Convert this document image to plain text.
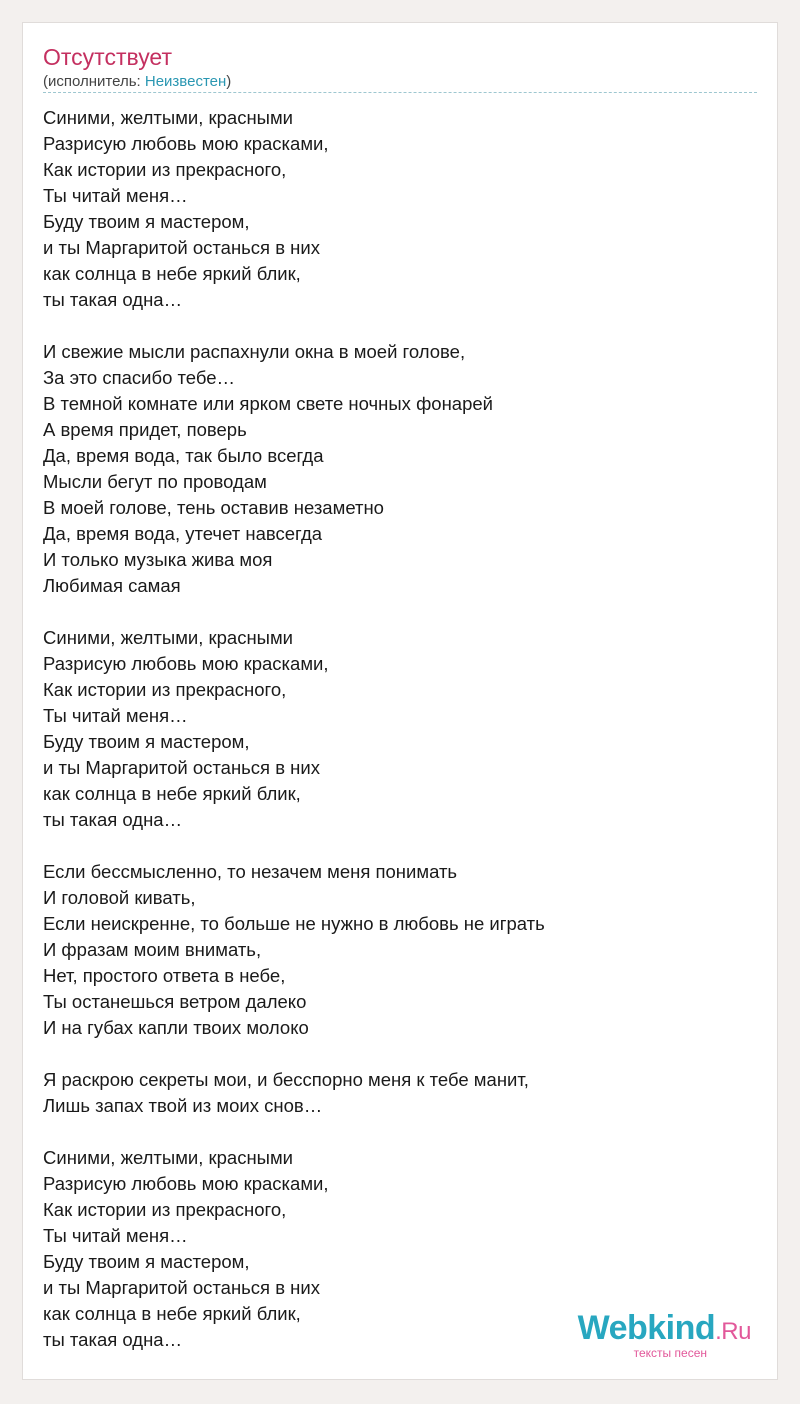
Отсутствует
(исполнитель: Неизвестен)
Синими, желтыми, красными
Разрисую любовь мою красками,
Как истории из прекрасного,
Ты читай меня…
Буду твоим я мастером,
и ты Маргаритой останься в них
как солнца в небе яркий блик,
ты такая одна…
И свежие мысли распахнули окна в моей голове,
За это спасибо тебе…
В темной комнате или ярком свете ночных фонарей
А время придет, поверь
Да, время вода, так было всегда
Мысли бегут по проводам
В моей голове, тень оставив незаметно
Да, время вода, утечет навсегда
И только музыка жива моя
Любимая самая
Синими, желтыми, красными
Разрисую любовь мою красками,
Как истории из прекрасного,
Ты читай меня…
Буду твоим я мастером,
и ты Маргаритой останься в них
как солнца в небе яркий блик,
ты такая одна…
Если бессмысленно, то незачем меня понимать
И головой кивать,
Если неискренне, то больше не нужно в любовь не играть
И фразам моим внимать,
Нет, простого ответа в небе,
Ты останешься ветром далеко
И на губах капли твоих молоко
Я раскрою секреты мои, и бесспорно меня к тебе манит,
Лишь запах твой из моих снов…
Синими, желтыми, красными
Разрисую любовь мою красками,
Как истории из прекрасного,
Ты читай меня…
Буду твоим я мастером,
и ты Маргаритой останься в них
как солнца в небе яркий блик,
ты такая одна…	Webkind.Ru
тексты песен
